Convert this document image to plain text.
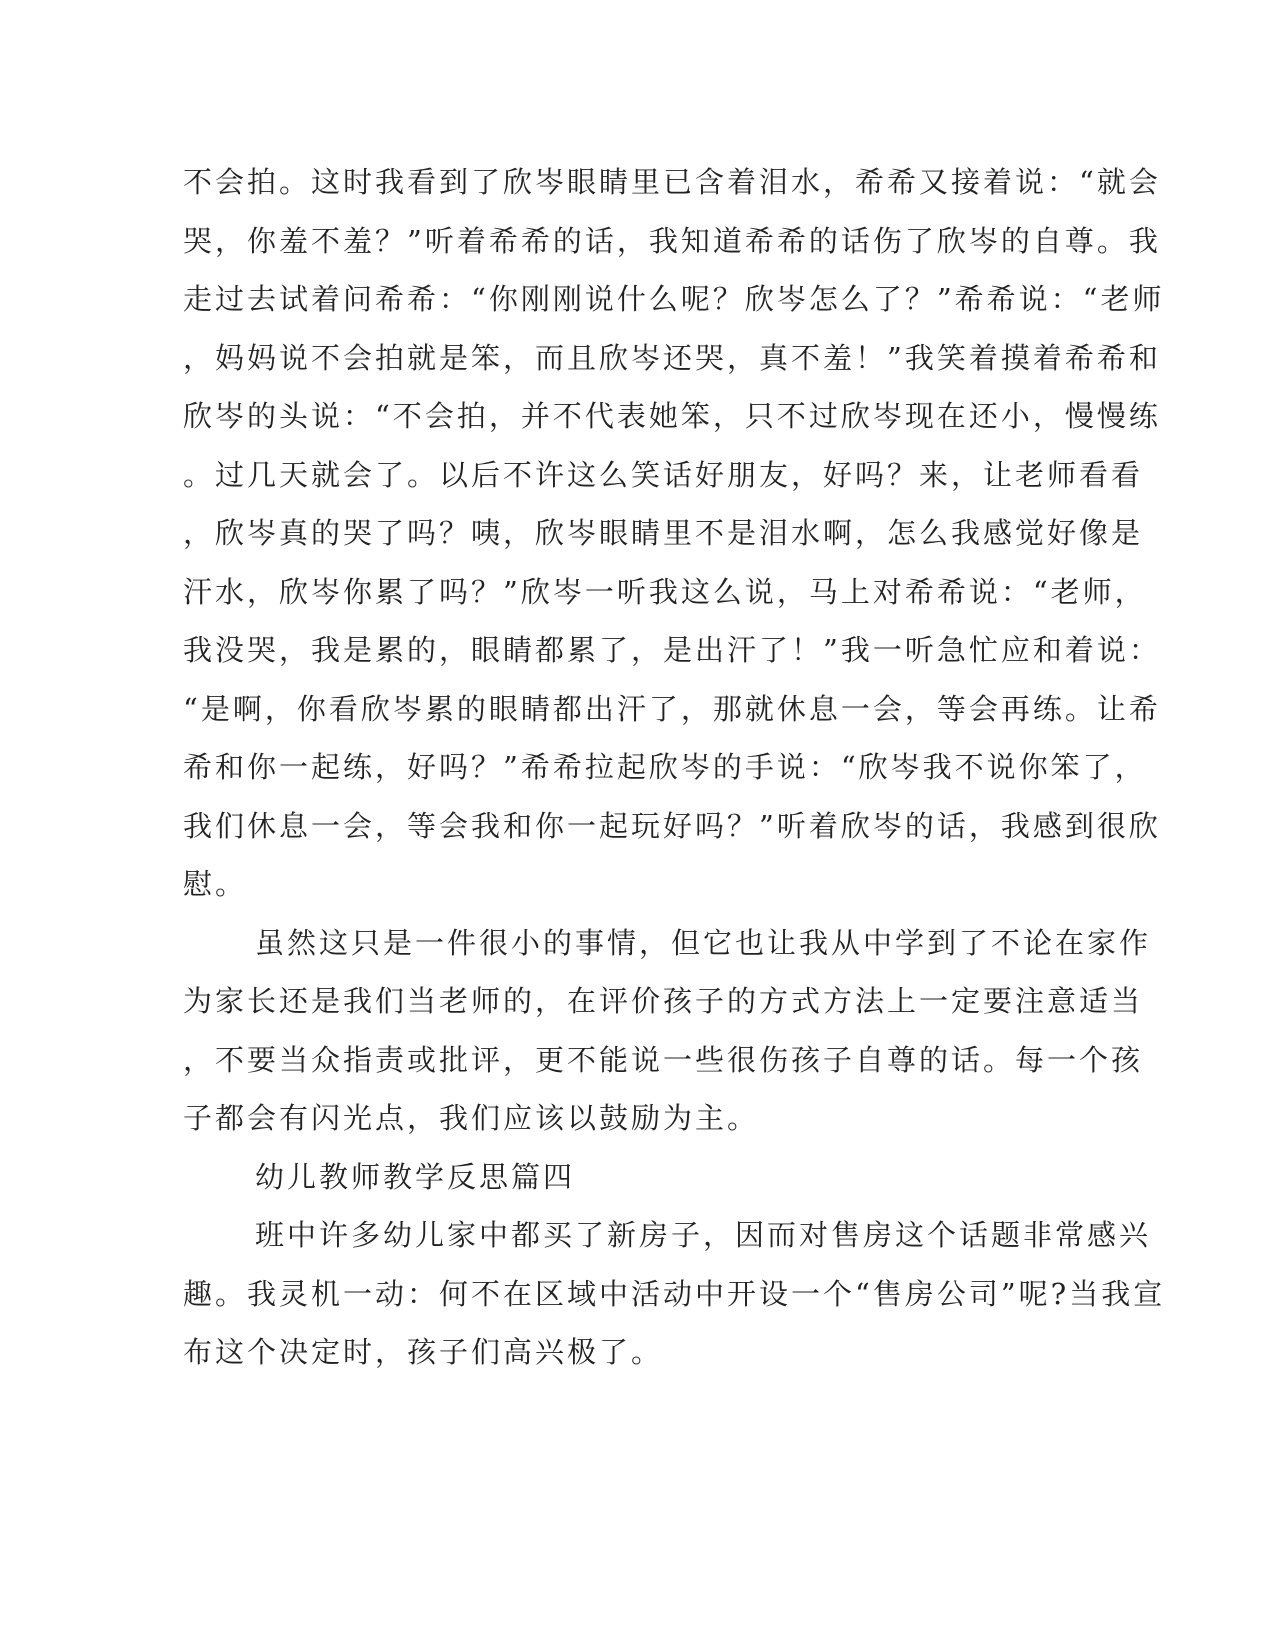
不会拍。这时我看到了欣岑眼睛里已含着泪水，希希又接着说：“就会
哭，你羞不羞？”听着希希的话，我知道希希的话伤了欣岑的自尊。我
走过去试着问希希：“你刚刚说什么呢？欣岑怎么了？”希希说：“老师
，妈妈说不会拍就是笨，而且欣岑还哭，真不羞！”我笑着摸着希希和
欣岑的头说：“不会拍，并不代表她笨，只不过欣岑现在还小，慢慢练
。过几天就会了。以后不许这么笑话好朋友，好吗？来，让老师看看
，欣岑真的哭了吗？咦，欣岑眼睛里不是泪水啊，怎么我感觉好像是
汗水，欣岑你累了吗？”欣岑一听我这么说，马上对希希说：“老师，
我没哭，我是累的，眼睛都累了，是出汗了！”我一听急忙应和着说：
“是啊，你看欣岑累的眼睛都出汗了，那就休息一会，等会再练。让希
希和你一起练，好吗？”希希拉起欣岑的手说：“欣岑我不说你笨了，
我们休息一会，等会我和你一起玩好吗？”听着欣岑的话，我感到很欣
慰。
虽然这只是一件很小的事情，但它也让我从中学到了不论在家作
为家长还是我们当老师的，在评价孩子的方式方法上一定要注意适当
，不要当众指责或批评，更不能说一些很伤孩子自尊的话。每一个孩
子都会有闪光点，我们应该以鼓励为主。
幼儿教师教学反思篇四
班中许多幼儿家中都买了新房子，因而对售房这个话题非常感兴
趣。我灵机一动：何不在区域中活动中开设一个“售房公司”呢?当我宣
布这个决定时，孩子们高兴极了。
